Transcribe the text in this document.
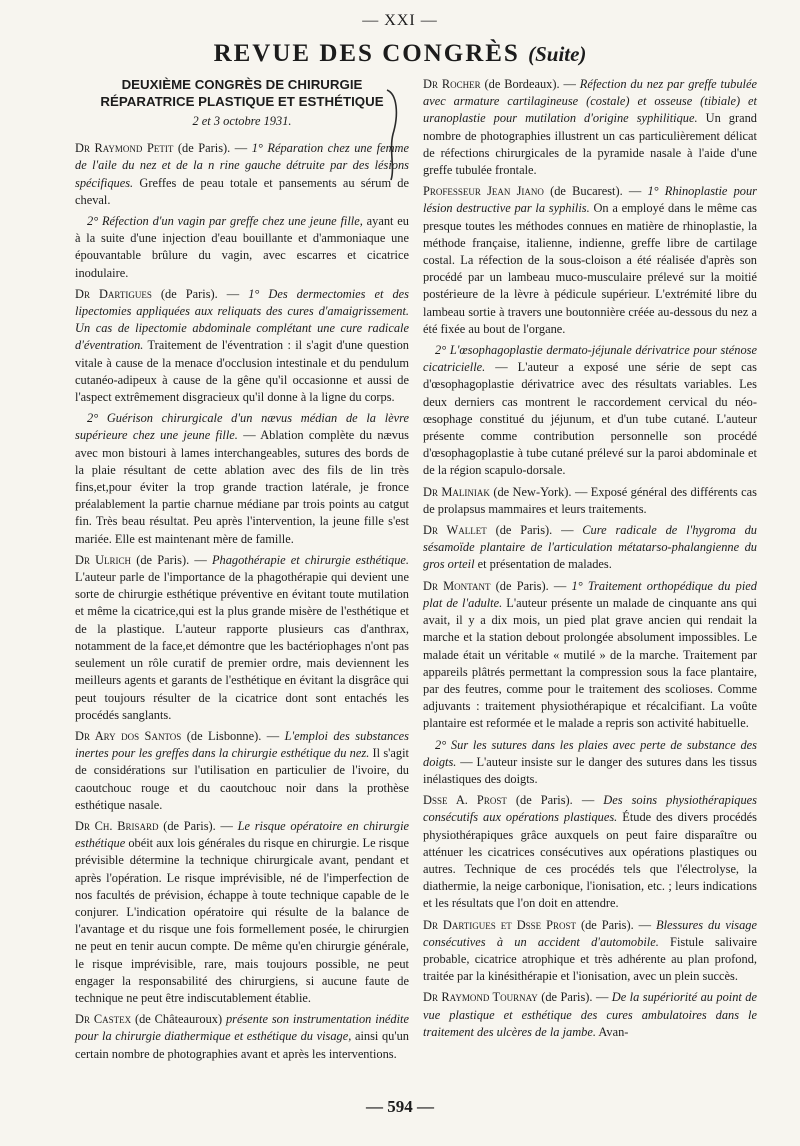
— XXI —
REVUE DES CONGRÈS (Suite)

DEUXIÈME CONGRÈS DE CHIRURGIE

RÉPARATRICE PLASTIQUE ET ESTHÉTIQUE

2 et 3 octobre 1931.

Dr Raymond Petit (de Paris). — 1° Réparation chez une femme de l'aile du nez et de la n rine gauche détruite par des lésions spécifiques. Greffes de peau totale et pansements au sérum de cheval.

2° Réfection d'un vagin par greffe chez une jeune fille, ayant eu à la suite d'une injection d'eau bouillante et d'ammoniaque une épouvantable brûlure du vagin, avec escarres et cicatrice inodulaire.

Dr Dartigues (de Paris). — 1° Des dermectomies et des lipectomies appliquées aux reliquats des cures d'amaigrissement. Un cas de lipectomie abdominale complétant une cure radicale d'éventration. Traitement de l'éventration : il s'agit d'une question vitale à cause de la menace d'occlusion intestinale et du pendulum cutanéo-adipeux à cause de la gêne qu'il occasionne et aussi de l'aspect extrêmement disgracieux qu'il donne à la ligne du corps.

2° Guérison chirurgicale d'un nævus médian de la lèvre supérieure chez une jeune fille. — Ablation complète du nævus avec mon bistouri à lames interchangeables, sutures des bords de la plaie résultant de cette ablation avec des fils de lin très fins,et,pour éviter la trop grande traction latérale, je fronce préalablement la partie charnue médiane par trois points au catgut fin. Très beau résultat. Peu après l'intervention, la jeune fille s'est mariée. Elle est maintenant mère de famille.

Dr Ulrich (de Paris). — Phagothérapie et chirurgie esthétique. L'auteur parle de l'importance de la phagothérapie qui devient une sorte de chirurgie esthétique préventive en évitant toute mutilation et même la cicatrice,qui est la plus grande misère de l'esthétique et de la plastique. L'auteur rapporte plusieurs cas d'anthrax, notamment de la face,et démontre que les bactériophages n'ont pas seulement un rôle curatif de premier ordre, mais deviennent les meilleurs agents et garants de l'esthétique en évitant la disgrâce qui peut toujours résulter de la cicatrice dont sont entachés les procédés sanglants.

Dr Ary dos Santos (de Lisbonne). — L'emploi des substances inertes pour les greffes dans la chirurgie esthétique du nez. Il s'agit de considérations sur l'utilisation en particulier de l'ivoire, du caoutchouc rouge et du caoutchouc noir dans la prothèse esthétique nasale.

Dr Ch. Brisard (de Paris). — Le risque opératoire en chirurgie esthétique obéit aux lois générales du risque en chirurgie. Le risque prévisible détermine la technique chirurgicale avant, pendant et après l'opération. Le risque imprévisible, né de l'imperfection de nos facultés de prévision, échappe à toute technique capable de le conjurer. L'indication opératoire qui résulte de la balance de l'avantage et du risque une fois formellement posée, le chirurgien ne peut en tenir aucun compte. De même qu'en chirurgie générale, le risque imprévisible, rare, mais toujours possible, ne peut engager la responsabilité des chirurgiens, si aucune faute de technique ne peut être indiscutablement établie.

Dr Castex (de Châteauroux) présente son instrumentation inédite pour la chirurgie diathermique et esthétique du visage, ainsi qu'un certain nombre de photographies avant et après les interventions.

Dr Rocher (de Bordeaux). — Réfection du nez par greffe tubulée avec armature cartilagineuse (costale) et osseuse (tibiale) et uranoplastie pour mutilation d'origine syphilitique. Un grand nombre de photographies illustrent un cas particulièrement délicat de réfections chirurgicales de la pyramide nasale à l'aide d'une greffe tubulée frontale.

Professeur Jean Jiano (de Bucarest). — 1° Rhinoplastie pour lésion destructive par la syphilis. On a employé dans le même cas presque toutes les méthodes connues en matière de rhinoplastie, la méthode française, italienne, indienne, greffe libre de cartilage costal. La réfection de la sous-cloison a été réalisée d'après son procédé par un lambeau muco-musculaire prélevé sur la moitié postérieure de la lèvre à pédicule supérieur. L'extrémité libre du lambeau sortie à travers une boutonnière créée au-dessous du nez a été fixée au bout de l'organe.

2° L'œsophagoplastie dermato-jéjunale dérivatrice pour sténose cicatricielle. — L'auteur a exposé une série de sept cas d'œsophagoplastie dérivatrice avec des résultats variables. Les deux derniers cas montrent le raccordement cervical du néo-œsophage constitué du jéjunum, et d'un tube cutané. L'auteur présente comme contribution personnelle son procédé d'œsophagoplastie à tube cutané prélevé sur la paroi abdominale et de la région scapulo-dorsale.

Dr Maliniak (de New-York). — Exposé général des différents cas de prolapsus mammaires et leurs traitements.

Dr Wallet (de Paris). — Cure radicale de l'hygroma du sésamoïde plantaire de l'articulation métatarso-phalangienne du gros orteil et présentation de malades.

Dr Montant (de Paris). — 1° Traitement orthopédique du pied plat de l'adulte. L'auteur présente un malade de cinquante ans qui avait, il y a dix mois, un pied plat grave ancien qui rendait la marche et la station debout prolongée absolument impossibles. Le malade était un véritable « mutilé » de la marche. Traitement par appareils plâtrés permettant la compression sous la face plantaire, par des feutres, comme pour le traitement des scolioses. Comme adjuvants : traitement physiothérapique et récalcifiant. La voûte plantaire est reformée et le malade a repris son activité habituelle.

2° Sur les sutures dans les plaies avec perte de substance des doigts. — L'auteur insiste sur le danger des sutures dans les tissus inélastiques des doigts.

Dsse A. Prost (de Paris). — Des soins physiothérapiques consécutifs aux opérations plastiques. Étude des divers procédés physiothérapiques grâce auxquels on peut faire disparaître ou atténuer les cicatrices consécutives aux opérations plastiques ou autres. Technique de ces procédés tels que l'électrolyse, la diathermie, la neige carbonique, l'ionisation, etc. ; leurs indications et les résultats que l'on doit en attendre.

Dr Dartigues et Dsse Prost (de Paris). — Blessures du visage consécutives à un accident d'automobile. Fistule salivaire probable, cicatrice atrophique et très adhérente au plan profond, traitée par la kinésithérapie et l'ionisation, avec un plein succès.

Dr Raymond Tournay (de Paris). — De la supériorité au point de vue plastique et esthétique des cures ambulatoires dans le traitement des ulcères de la jambe. Avan-

— 594 —
